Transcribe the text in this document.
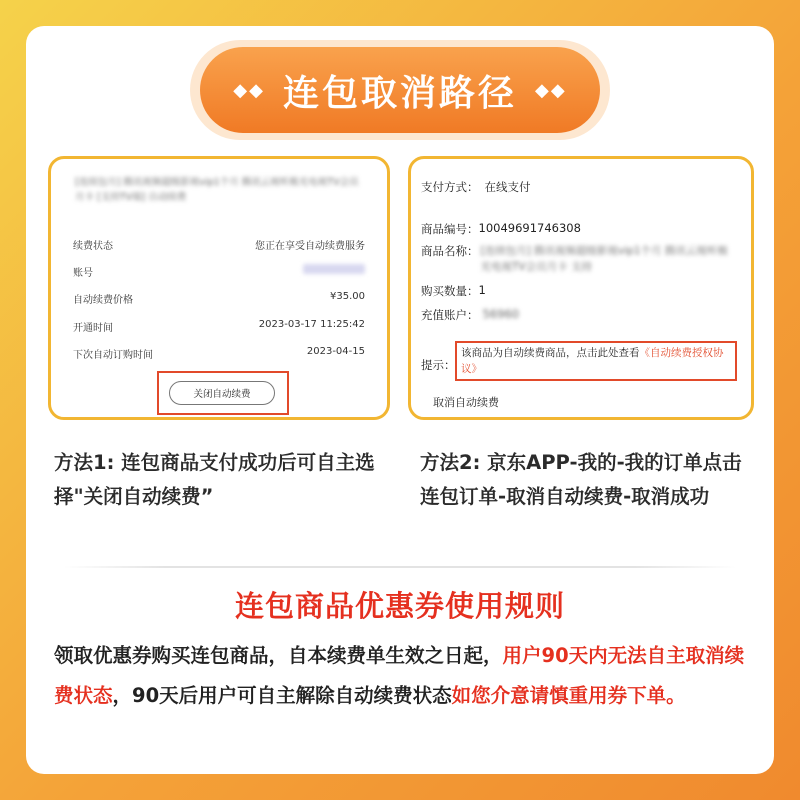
◆◆ 连包取消路径 ◆◆
[连续包月] 腾讯视频超级影视vip1个月 腾讯云视听极光电视TV会员月卡 [支持TV端] 自动续费
续费状态	您正在享受自动续费服务
账号
自动续费价格	¥35.00
开通时间	2023-03-17 11:25:42
下次自动订购时间	2023-04-15
关闭自动续费
支付方式： 在线支付
商品编号： 10049691746308
商品名称： [连续包月] 腾讯视频超级影视vip1个月 腾讯云视听极光电视TV会员月卡 支持
购买数量： 1
充值账户： 56960
提示：
该商品为自动续费商品，点击此处查看《自动续费授权协议》
取消自动续费
方法1: 连包商品支付成功后可自主选择"关闭自动续费”
方法2: 京东APP-我的-我的订单点击连包订单-取消自动续费-取消成功
连包商品优惠券使用规则
领取优惠券购买连包商品，自本续费单生效之日起，用户90天内无法自主取消续费状态，90天后用户可自主解除自动续费状态如您介意请慎重用券下单。
